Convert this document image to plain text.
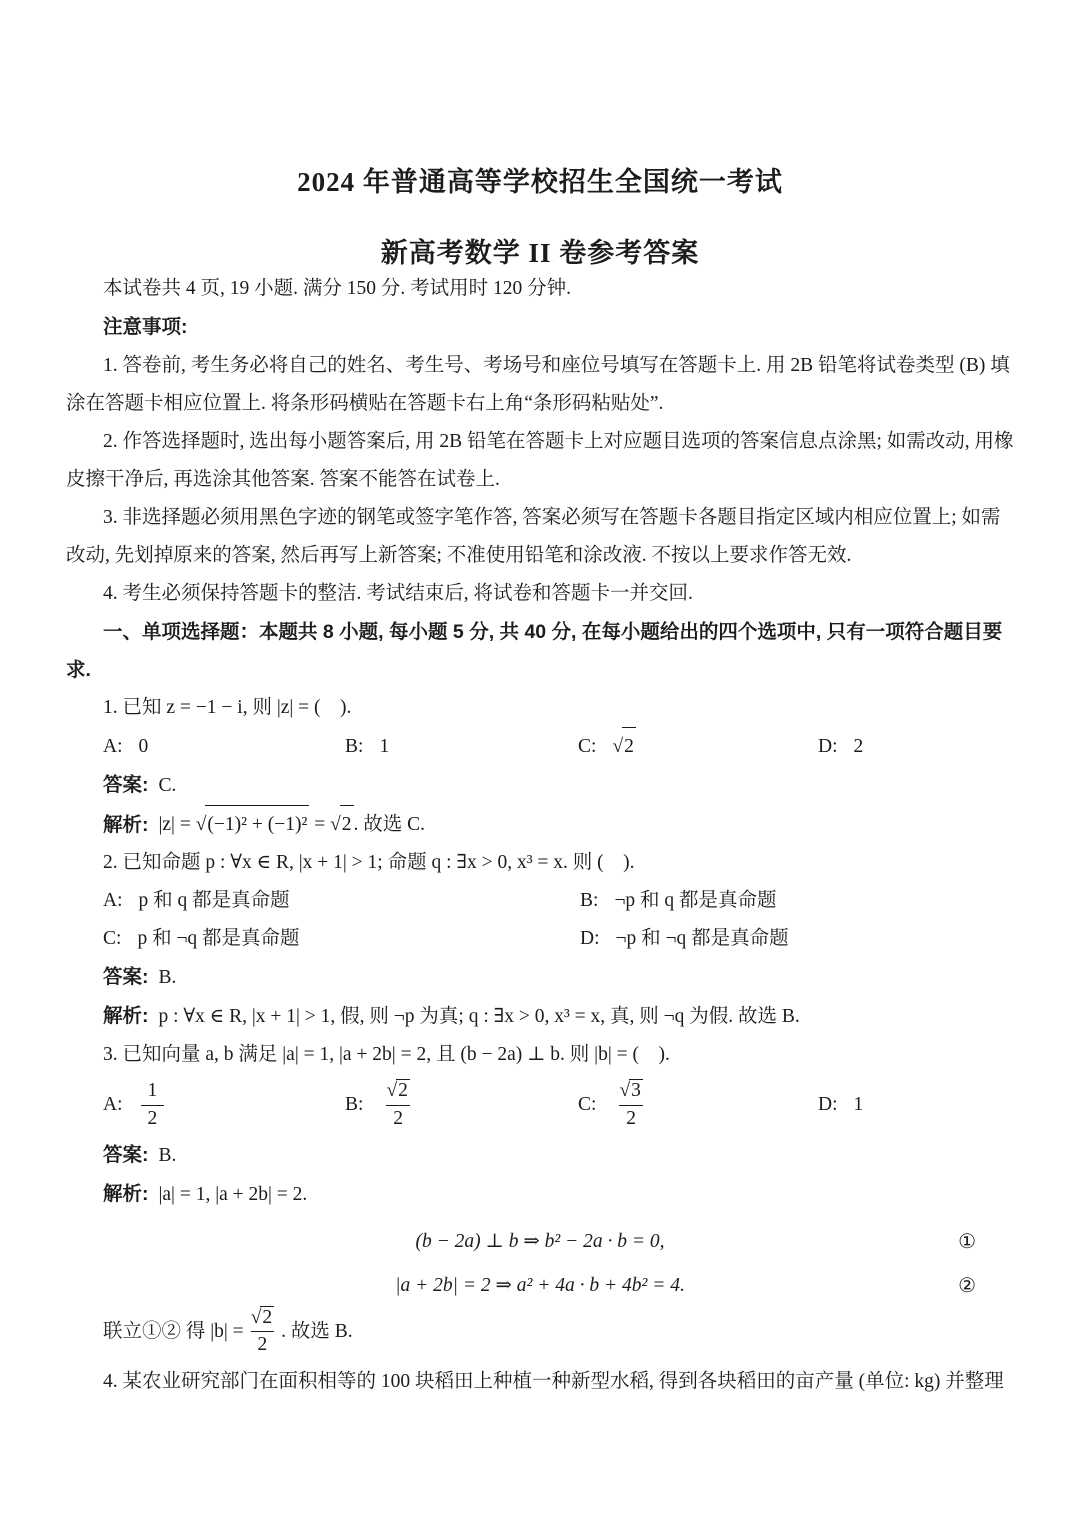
2024 年普通高等学校招生全国统一考试
新高考数学 II 卷参考答案

本试卷共 4 页, 19 小题. 满分 150 分. 考试用时 120 分钟.

注意事项:

1. 答卷前, 考生务必将自己的姓名、考生号、考场号和座位号填写在答题卡上. 用 2B 铅笔将试卷类型 (B) 填涂在答题卡相应位置上. 将条形码横贴在答题卡右上角“条形码粘贴处”.

2. 作答选择题时, 选出每小题答案后, 用 2B 铅笔在答题卡上对应题目选项的答案信息点涂黑; 如需改动, 用橡皮擦干净后, 再选涂其他答案. 答案不能答在试卷上.

3. 非选择题必须用黑色字迹的钢笔或签字笔作答, 答案必须写在答题卡各题目指定区域内相应位置上; 如需改动, 先划掉原来的答案, 然后再写上新答案; 不准使用铅笔和涂改液. 不按以上要求作答无效.

4. 考生必须保持答题卡的整洁. 考试结束后, 将试卷和答题卡一并交回.

一、单项选择题：本题共 8 小题, 每小题 5 分, 共 40 分, 在每小题给出的四个选项中, 只有一项符合题目要求.

1. 已知 z = −1 − i, 则 |z| = (　).

A: 0	B: 1	C: √ 2	D: 2

答案: C.

解析: |z| = √ (−1)² + (−1)² = √ 2 . 故选 C.

2. 已知命题 p : ∀x ∈ R, |x + 1| > 1; 命题 q : ∃x > 0, x³ = x. 则 (　).

A: p 和 q 都是真命题	B: ¬p 和 q 都是真命题
C: p 和 ¬q 都是真命题	D: ¬p 和 ¬q 都是真命题

答案: B.

解析: p : ∀x ∈ R, |x + 1| > 1, 假, 则 ¬p 为真; q : ∃x > 0, x³ = x, 真, 则 ¬q 为假. 故选 B.

3. 已知向量 a, b 满足 |a| = 1, |a + 2b| = 2, 且 (b − 2a) ⊥ b. 则 |b| = (　).

A: $\frac{1}{2}$	B: $\frac{√2}{2}$	C: $\frac{√3}{2}$	D: 1

答案: B.

解析: |a| = 1, |a + 2b| = 2.

(b − 2a) ⊥ b ⇒ b² − 2a · b = 0,	①
|a + 2b| = 2 ⇒ a² + 4a · b + 4b² = 4.	②

联立①② 得 $|b| = \frac{√2}{2}$ . 故选 B.

4. 某农业研究部门在面积相等的 100 块稻田上种植一种新型水稻, 得到各块稻田的亩产量 (单位: kg) 并整理
